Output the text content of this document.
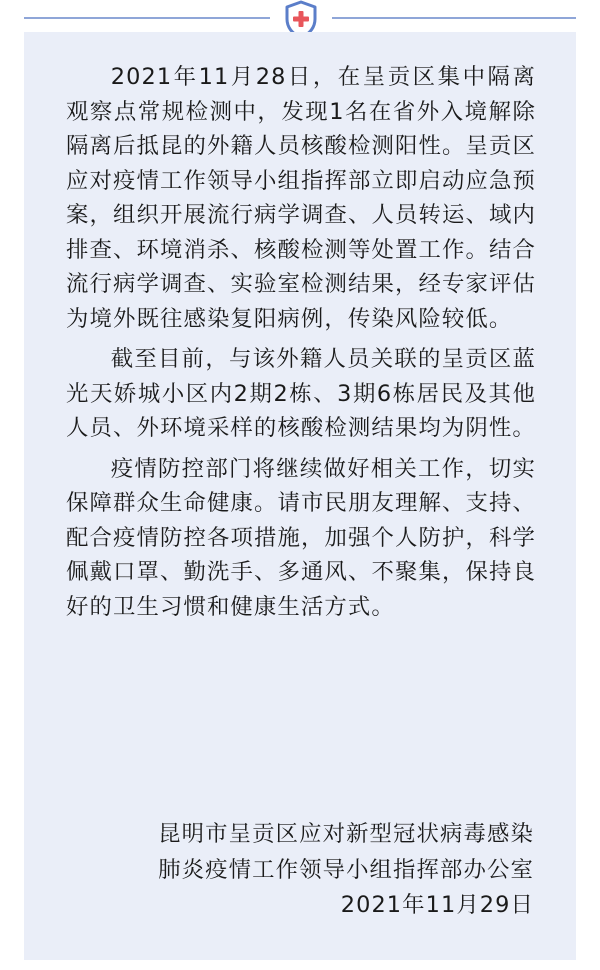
2021年11月28日，在呈贡区集中隔离观察点常规检测中，发现1名在省外入境解除隔离后抵昆的外籍人员核酸检测阳性。呈贡区应对疫情工作领导小组指挥部立即启动应急预案，组织开展流行病学调查、人员转运、域内排查、环境消杀、核酸检测等处置工作。结合流行病学调查、实验室检测结果，经专家评估为境外既往感染复阳病例，传染风险较低。

截至目前，与该外籍人员关联的呈贡区蓝光天娇城小区内2期2栋、3期6栋居民及其他人员、外环境采样的核酸检测结果均为阴性。

疫情防控部门将继续做好相关工作，切实保障群众生命健康。请市民朋友理解、支持、配合疫情防控各项措施，加强个人防护，科学佩戴口罩、勤洗手、多通风、不聚集，保持良好的卫生习惯和健康生活方式。

昆明市呈贡区应对新型冠状病毒感染
肺炎疫情工作领导小组指挥部办公室
2021年11月29日
